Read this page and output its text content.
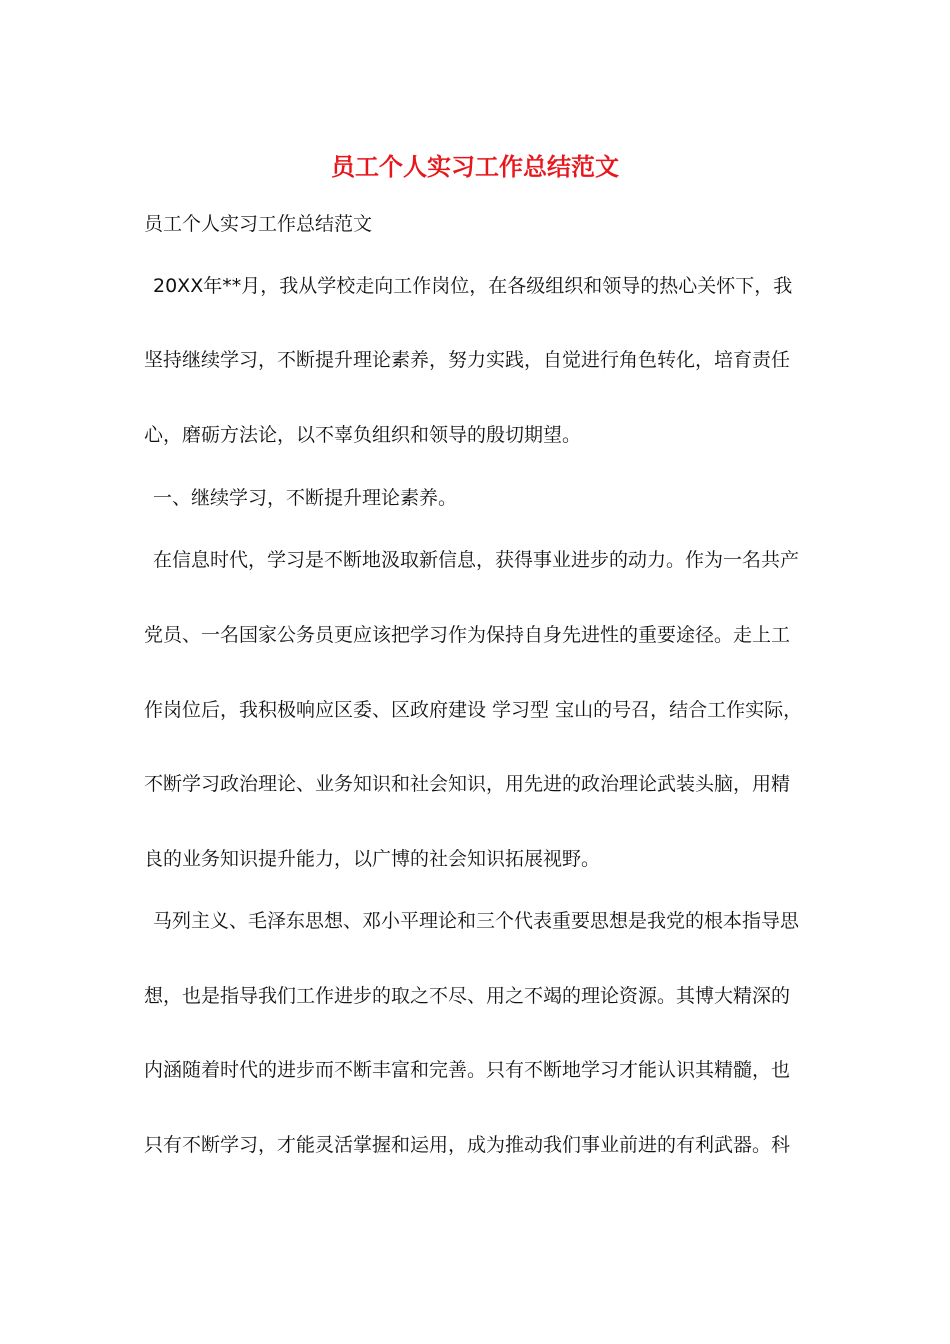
员工个人实习工作总结范文

员工个人实习工作总结范文

20XX年**月，我从学校走向工作岗位，在各级组织和领导的热心关怀下，我

坚持继续学习，不断提升理论素养，努力实践，自觉进行角色转化，培育责任

心，磨砺方法论，以不辜负组织和领导的殷切期望。

一、继续学习，不断提升理论素养。

在信息时代，学习是不断地汲取新信息，获得事业进步的动力。作为一名共产

党员、一名国家公务员更应该把学习作为保持自身先进性的重要途径。走上工

作岗位后，我积极响应区委、区政府建设 学习型 宝山的号召，结合工作实际，

不断学习政治理论、业务知识和社会知识，用先进的政治理论武装头脑，用精

良的业务知识提升能力，以广博的社会知识拓展视野。

马列主义、毛泽东思想、邓小平理论和三个代表重要思想是我党的根本指导思

想，也是指导我们工作进步的取之不尽、用之不竭的理论资源。其博大精深的

内涵随着时代的进步而不断丰富和完善。只有不断地学习才能认识其精髓，也

只有不断学习，才能灵活掌握和运用，成为推动我们事业前进的有利武器。科
